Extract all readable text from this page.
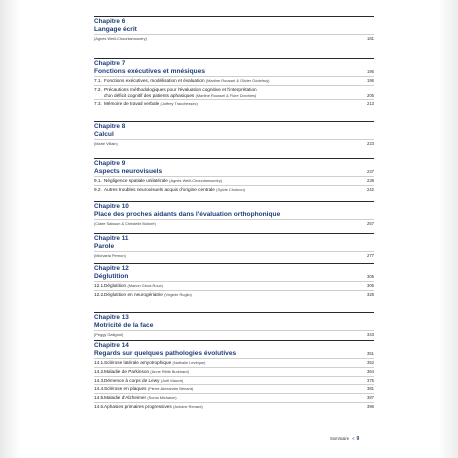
Chapitre 6
Langage écrit
(Agnès Weill-Chounlamountry)	181
Chapitre 7
Fonctions exécutives et mnésiques	195
7.1. Fonctions exécutives, modélisation et évaluation (Martine Roussel & Olivier Godefroy)	196
7.2. Précautions méthodologiques pour l'évaluation cognitive et l'interprétation
d'un déficit cognitif des patients aphasiques (Martine Roussel & Flore Dorchies)	205
7.3. Mémoire de travail verbale (Joffrey Trauchessec)	213
Chapitre 8
Calcul
(Marie Villain)	223
Chapitre 9
Aspects neurovisuels	237
9.1. Négligence spatiale unilatérale (Agnès Weill-Chounlamountry)	238
9.2. Autres troubles neurovisuels acquis d'origine centrale (Sylvie Chokron)	242
Chapitre 10
Place des proches aidants dans l'évaluation orthophonique
(Claire Saisson & Christelle Bolloré)	257
Chapitre 11
Parole
(Michaela Pernon)	277
Chapitre 12
Déglutition	305
12.1. Déglutition (Marion Girod-Roux)	306
12.2. Déglutition en neurogériatrie (Virginie Ruglio)	328
Chapitre 13
Motricité de la face
(Peggy Gatignol)	343
Chapitre 14
Regards sur quelques pathologies évolutives	351
14.1. Sclérose latérale amyotrophique (Nathalie Levêque)	352
14.2. Maladie de Parkinson (Anne Rittié Burkhard)	364
14.3. Démence à corps de Lewy (Joël Macoir)	375
14.4. Sclérose en plaques (Pierre-Alexandre Bénard)	381
14.5. Maladie d'Alzheimer (Sonia Michalon)	387
14.6. Aphasies primaires progressives (Antoine Renard)	396
Sommaire < 9
